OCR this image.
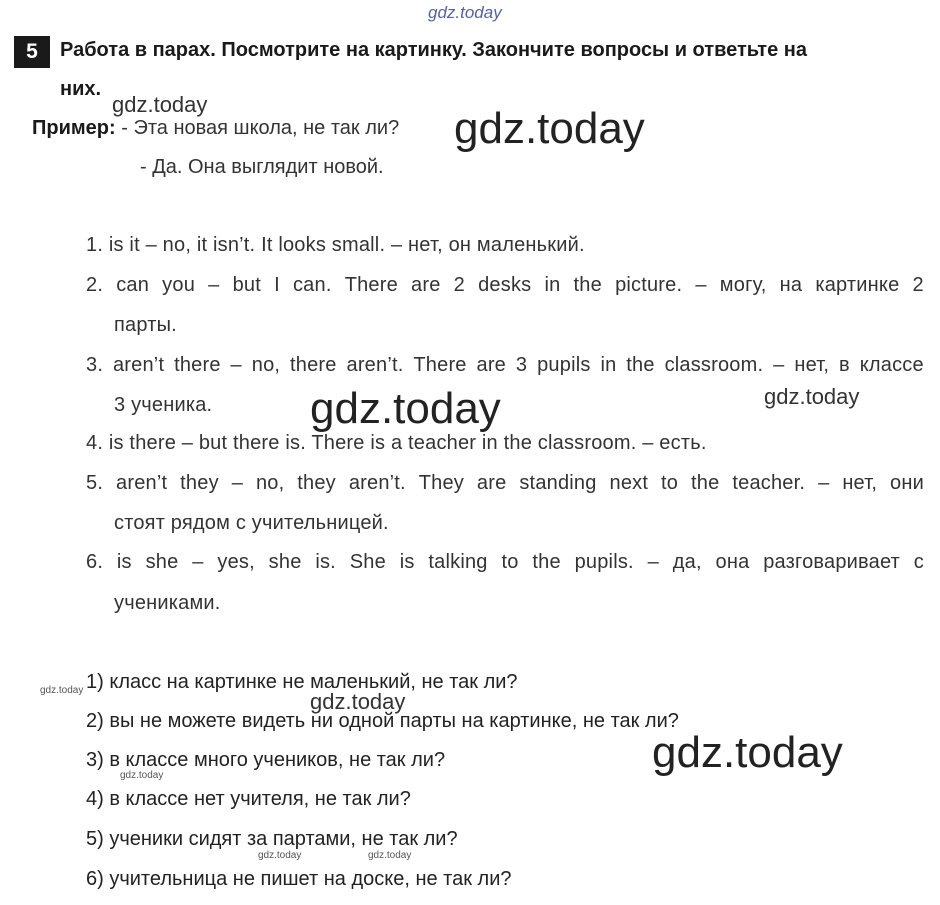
gdz.today
5	Работа в парах. Посмотрите на картинку. Закончите вопросы и ответьте на
них.
Пример: - Эта новая школа, не так ли?
- Да. Она выглядит новой.
1. is it – no, it isn’t. It looks small. – нет, он маленький.
2. can you – but I can. There are 2 desks in the picture. – могу, на картинке 2
парты.
3. aren’t there – no, there aren’t. There are 3 pupils in the classroom. – нет, в классе
3 ученика.
4. is there – but there is. There is a teacher in the classroom. – есть.
5. aren’t they – no, they aren’t. They are standing next to the teacher. – нет, они
стоят рядом с учительницей.
6. is she – yes, she is. She is talking to the pupils. – да, она разговаривает с
учениками.
1) класс на картинке не маленький, не так ли?
2) вы не можете видеть ни одной парты на картинке, не так ли?
3) в классе много учеников, не так ли?
4) в классе нет учителя, не так ли?
5) ученики сидят за партами, не так ли?
6) учительница не пишет на доске, не так ли?
gdz.today	gdz.today
gdz.today	gdz.today
gdz.today	gdz.today
gdz.today
gdz.today
gdz.today	gdz.today
